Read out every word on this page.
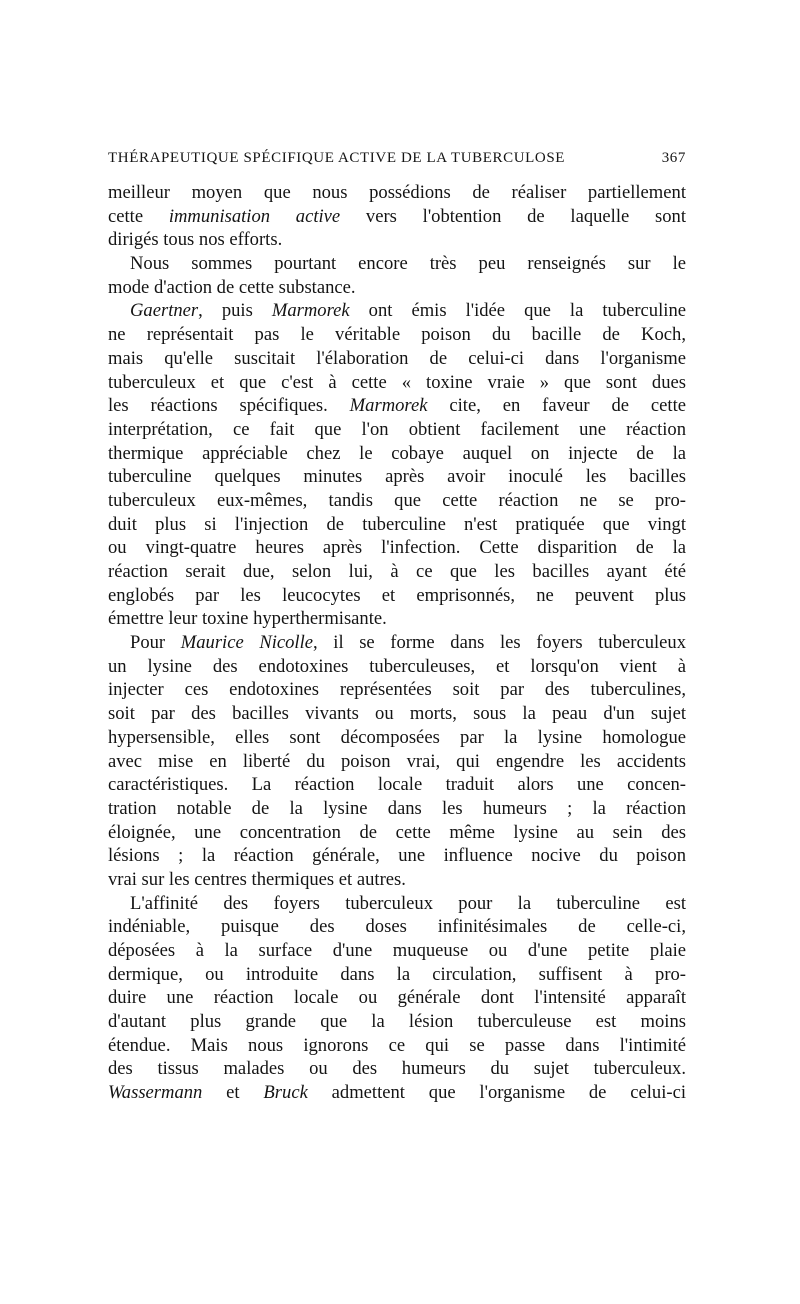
THÉRAPEUTIQUE SPÉCIFIQUE ACTIVE DE LA TUBERCULOSE	367
meilleur moyen que nous possédions de réaliser partiellement
cette immunisation active vers l'obtention de laquelle sont
dirigés tous nos efforts.
Nous sommes pourtant encore très peu renseignés sur le
mode d'action de cette substance.
Gaertner, puis Marmorek ont émis l'idée que la tuberculine
ne représentait pas le véritable poison du bacille de Koch,
mais qu'elle suscitait l'élaboration de celui-ci dans l'organisme
tuberculeux et que c'est à cette « toxine vraie » que sont dues
les réactions spécifiques. Marmorek cite, en faveur de cette
interprétation, ce fait que l'on obtient facilement une réaction
thermique appréciable chez le cobaye auquel on injecte de la
tuberculine quelques minutes après avoir inoculé les bacilles
tuberculeux eux-mêmes, tandis que cette réaction ne se pro-
duit plus si l'injection de tuberculine n'est pratiquée que vingt
ou vingt-quatre heures après l'infection. Cette disparition de la
réaction serait due, selon lui, à ce que les bacilles ayant été
englobés par les leucocytes et emprisonnés, ne peuvent plus
émettre leur toxine hyperthermisante.
Pour Maurice Nicolle, il se forme dans les foyers tuberculeux
un lysine des endotoxines tuberculeuses, et lorsqu'on vient à
injecter ces endotoxines représentées soit par des tuberculines,
soit par des bacilles vivants ou morts, sous la peau d'un sujet
hypersensible, elles sont décomposées par la lysine homologue
avec mise en liberté du poison vrai, qui engendre les accidents
caractéristiques. La réaction locale traduit alors une concen-
tration notable de la lysine dans les humeurs ; la réaction
éloignée, une concentration de cette même lysine au sein des
lésions ; la réaction générale, une influence nocive du poison
vrai sur les centres thermiques et autres.
L'affinité des foyers tuberculeux pour la tuberculine est
indéniable, puisque des doses infinitésimales de celle-ci,
déposées à la surface d'une muqueuse ou d'une petite plaie
dermique, ou introduite dans la circulation, suffisent à pro-
duire une réaction locale ou générale dont l'intensité apparaît
d'autant plus grande que la lésion tuberculeuse est moins
étendue. Mais nous ignorons ce qui se passe dans l'intimité
des tissus malades ou des humeurs du sujet tuberculeux.
Wassermann et Bruck admettent que l'organisme de celui-ci
